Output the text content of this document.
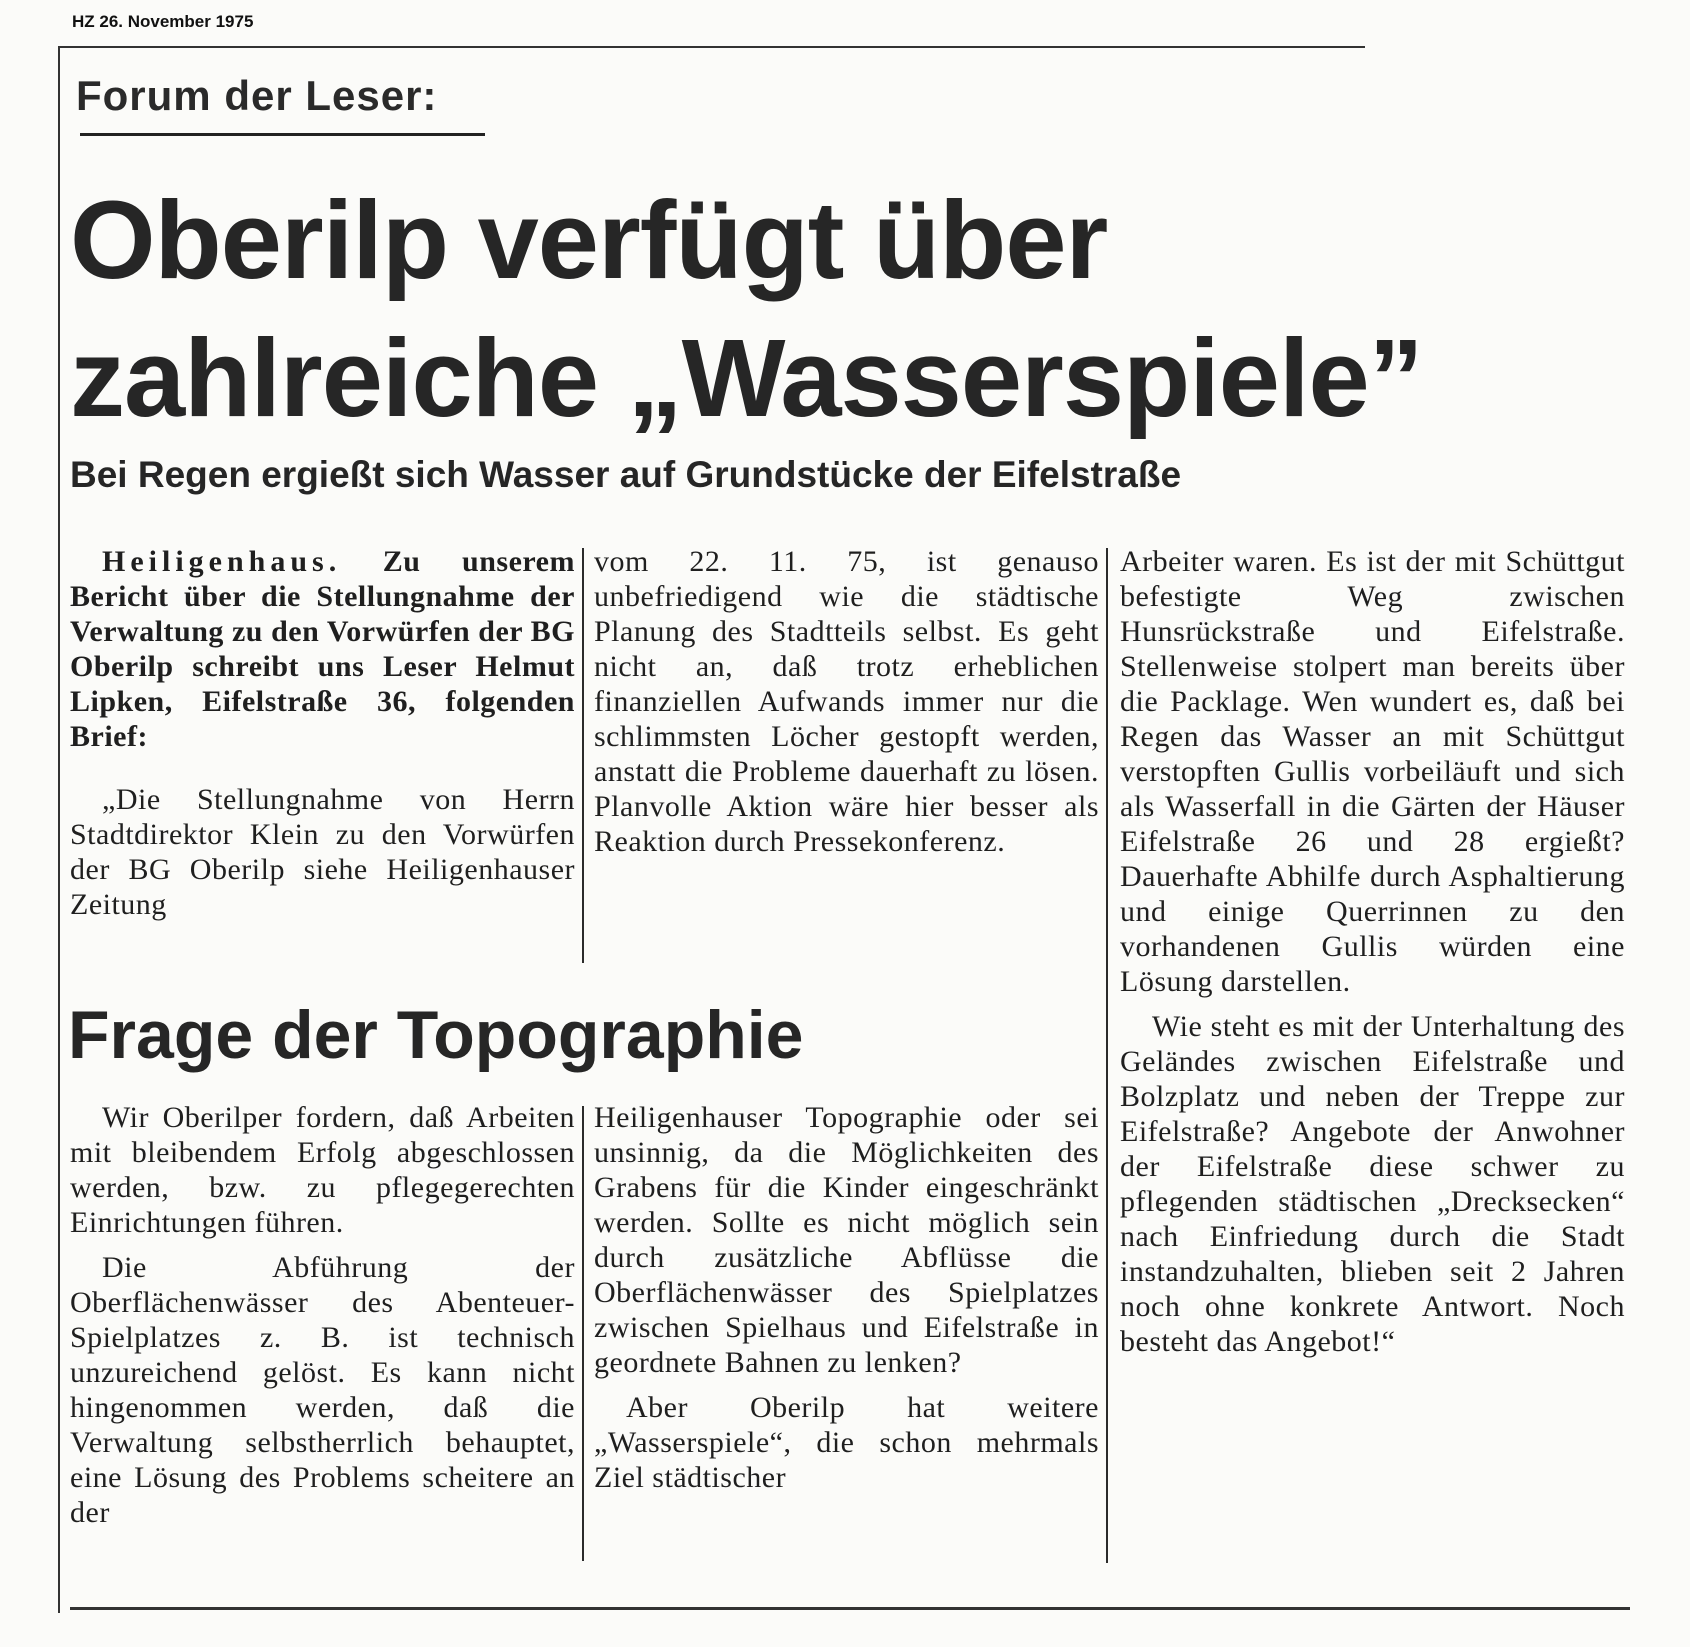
HZ 26. November 1975
Forum der Leser:
Oberilp verfügt über
zahlreiche „Wasserspiele”
Bei Regen ergießt sich Wasser auf Grundstücke der Eifelstraße

Heiligenhaus. Zu unserem Bericht über die Stellungnahme der Verwaltung zu den Vorwürfen der BG Oberilp schreibt uns Leser Helmut Lipken, Eifelstraße 36, folgenden Brief:

„Die Stellungnahme von Herrn Stadtdirektor Klein zu den Vorwürfen der BG Oberilp siehe Heiligenhauser Zeitung

vom 22. 11. 75, ist genauso unbefriedigend wie die städtische Planung des Stadtteils selbst. Es geht nicht an, daß trotz erheblichen finanziellen Aufwands immer nur die schlimmsten Löcher gestopft werden, anstatt die Probleme dauerhaft zu lösen. Planvolle Aktion wäre hier besser als Reaktion durch Pressekonferenz.

Arbeiter waren. Es ist der mit Schüttgut befestigte Weg zwischen Hunsrückstraße und Eifelstraße. Stellenweise stolpert man bereits über die Packlage. Wen wundert es, daß bei Regen das Wasser an mit Schüttgut verstopften Gullis vorbeiläuft und sich als Wasserfall in die Gärten der Häuser Eifelstraße 26 und 28 ergießt? Dauerhafte Abhilfe durch Asphaltierung und einige Querrinnen zu den vorhandenen Gullis würden eine Lösung darstellen.

Wie steht es mit der Unterhaltung des Geländes zwischen Eifelstraße und Bolzplatz und neben der Treppe zur Eifelstraße? Angebote der Anwohner der Eifelstraße diese schwer zu pflegenden städtischen „Drecksecken“ nach Einfriedung durch die Stadt instandzuhalten, blieben seit 2 Jahren noch ohne konkrete Antwort. Noch besteht das Angebot!“

Frage der Topographie

Wir Oberilper fordern, daß Arbeiten mit bleibendem Erfolg abgeschlossen werden, bzw. zu pflegegerechten Einrichtungen führen.

Die Abführung der Oberflächenwässer des Abenteuer-Spielplatzes z. B. ist technisch unzureichend gelöst. Es kann nicht hingenommen werden, daß die Verwaltung selbstherrlich behauptet, eine Lösung des Problems scheitere an der

Heiligenhauser Topographie oder sei unsinnig, da die Möglichkeiten des Grabens für die Kinder eingeschränkt werden. Sollte es nicht möglich sein durch zusätzliche Abflüsse die Oberflächenwässer des Spielplatzes zwischen Spielhaus und Eifelstraße in geordnete Bahnen zu lenken?

Aber Oberilp hat weitere „Wasserspiele“, die schon mehrmals Ziel städtischer
